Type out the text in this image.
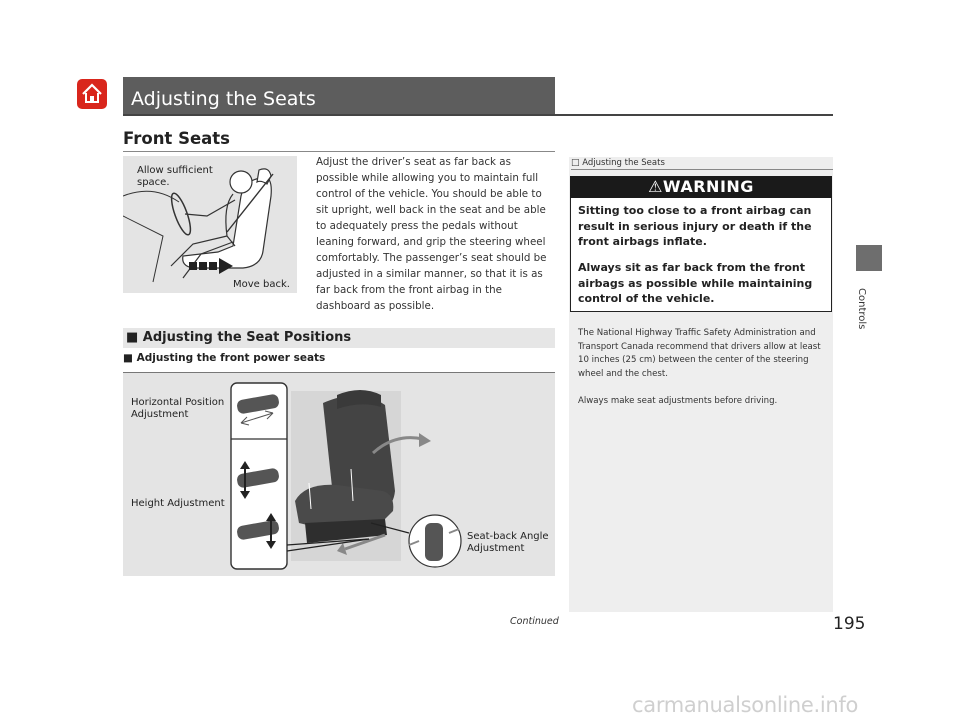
Adjusting the Seats
Front Seats
Allow sufficient space.
Move back.
Adjust the driver’s seat as far back as possible while allowing you to maintain full control of the vehicle. You should be able to sit upright, well back in the seat and be able to adequately press the pedals without leaning forward, and grip the steering wheel comfortably. The passenger’s seat should be adjusted in a similar manner, so that it is as far back from the front airbag in the dashboard as possible.
■ Adjusting the Seat Positions
■ Adjusting the front power seats
Horizontal Position Adjustment
Height Adjustment
Seat-back Angle Adjustment
□ Adjusting the Seats
⚠WARNING
Sitting too close to a front airbag can result in serious injury or death if the front airbags inflate.
Always sit as far back from the front airbags as possible while maintaining control of the vehicle.
The National Highway Traffic Safety Administration and Transport Canada recommend that drivers allow at least 10 inches (25 cm) between the center of the steering wheel and the chest.
Always make seat adjustments before driving.
Controls
Continued	195
carmanualsonline.info
